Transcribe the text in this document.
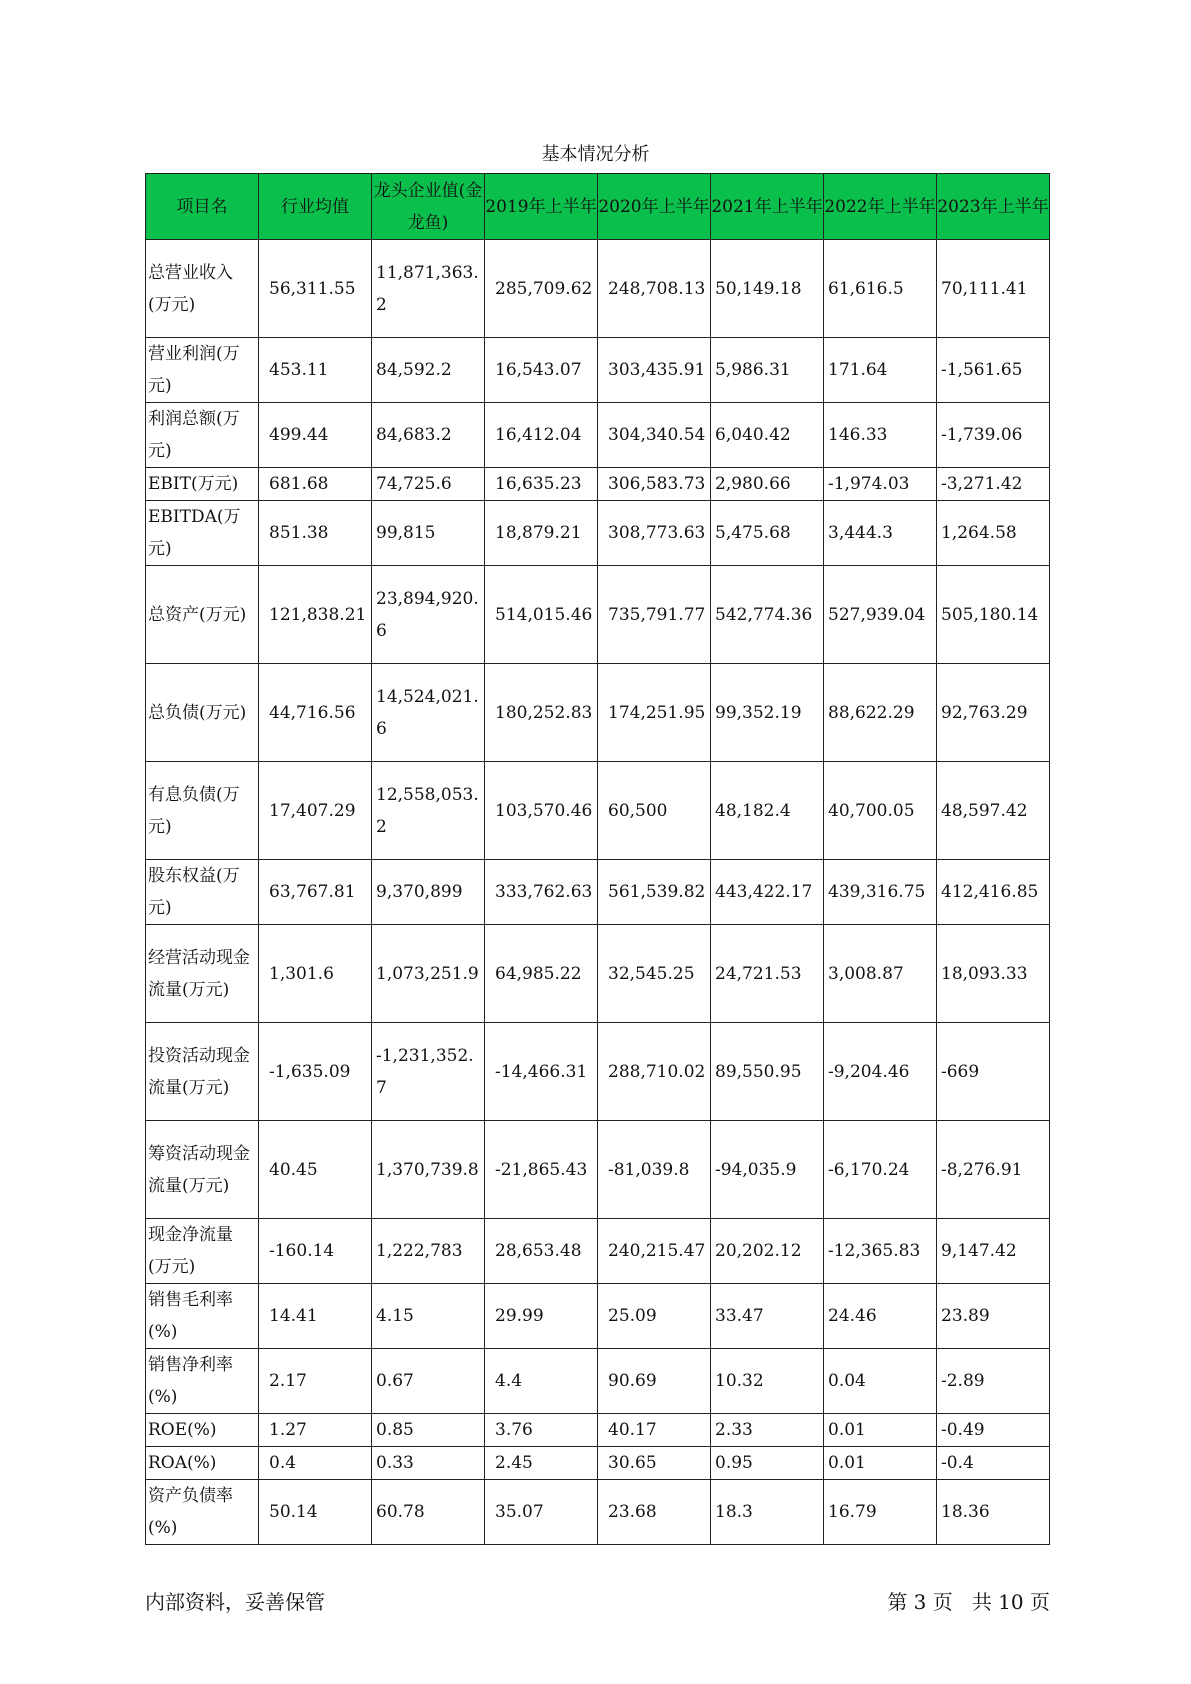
基本情况分析
项目名	行业均值	龙头企业值(金龙鱼)	2019年上半年	2020年上半年	2021年上半年	2022年上半年	2023年上半年
总营业收入(万元)	56,311.55	11,871,363.2	285,709.62	248,708.13	50,149.18	61,616.5	70,111.41
营业利润(万元)	453.11	84,592.2	16,543.07	303,435.91	5,986.31	171.64	-1,561.65
利润总额(万元)	499.44	84,683.2	16,412.04	304,340.54	6,040.42	146.33	-1,739.06
EBIT(万元)	681.68	74,725.6	16,635.23	306,583.73	2,980.66	-1,974.03	-3,271.42
EBITDA(万元)	851.38	99,815	18,879.21	308,773.63	5,475.68	3,444.3	1,264.58
总资产(万元)	121,838.21	23,894,920.6	514,015.46	735,791.77	542,774.36	527,939.04	505,180.14
总负债(万元)	44,716.56	14,524,021.6	180,252.83	174,251.95	99,352.19	88,622.29	92,763.29
有息负债(万元)	17,407.29	12,558,053.2	103,570.46	60,500	48,182.4	40,700.05	48,597.42
股东权益(万元)	63,767.81	9,370,899	333,762.63	561,539.82	443,422.17	439,316.75	412,416.85
经营活动现金流量(万元)	1,301.6	1,073,251.9	64,985.22	32,545.25	24,721.53	3,008.87	18,093.33
投资活动现金流量(万元)	-1,635.09	-1,231,352.7	-14,466.31	288,710.02	89,550.95	-9,204.46	-669
筹资活动现金流量(万元)	40.45	1,370,739.8	-21,865.43	-81,039.8	-94,035.9	-6,170.24	-8,276.91
现金净流量(万元)	-160.14	1,222,783	28,653.48	240,215.47	20,202.12	-12,365.83	9,147.42
销售毛利率(%)	14.41	4.15	29.99	25.09	33.47	24.46	23.89
销售净利率(%)	2.17	0.67	4.4	90.69	10.32	0.04	-2.89
ROE(%)	1.27	0.85	3.76	40.17	2.33	0.01	-0.49
ROA(%)	0.4	0.33	2.45	30.65	0.95	0.01	-0.4
资产负债率(%)	50.14	60.78	35.07	23.68	18.3	16.79	18.36
内部资料，妥善保管	第 3 页   共 10 页
